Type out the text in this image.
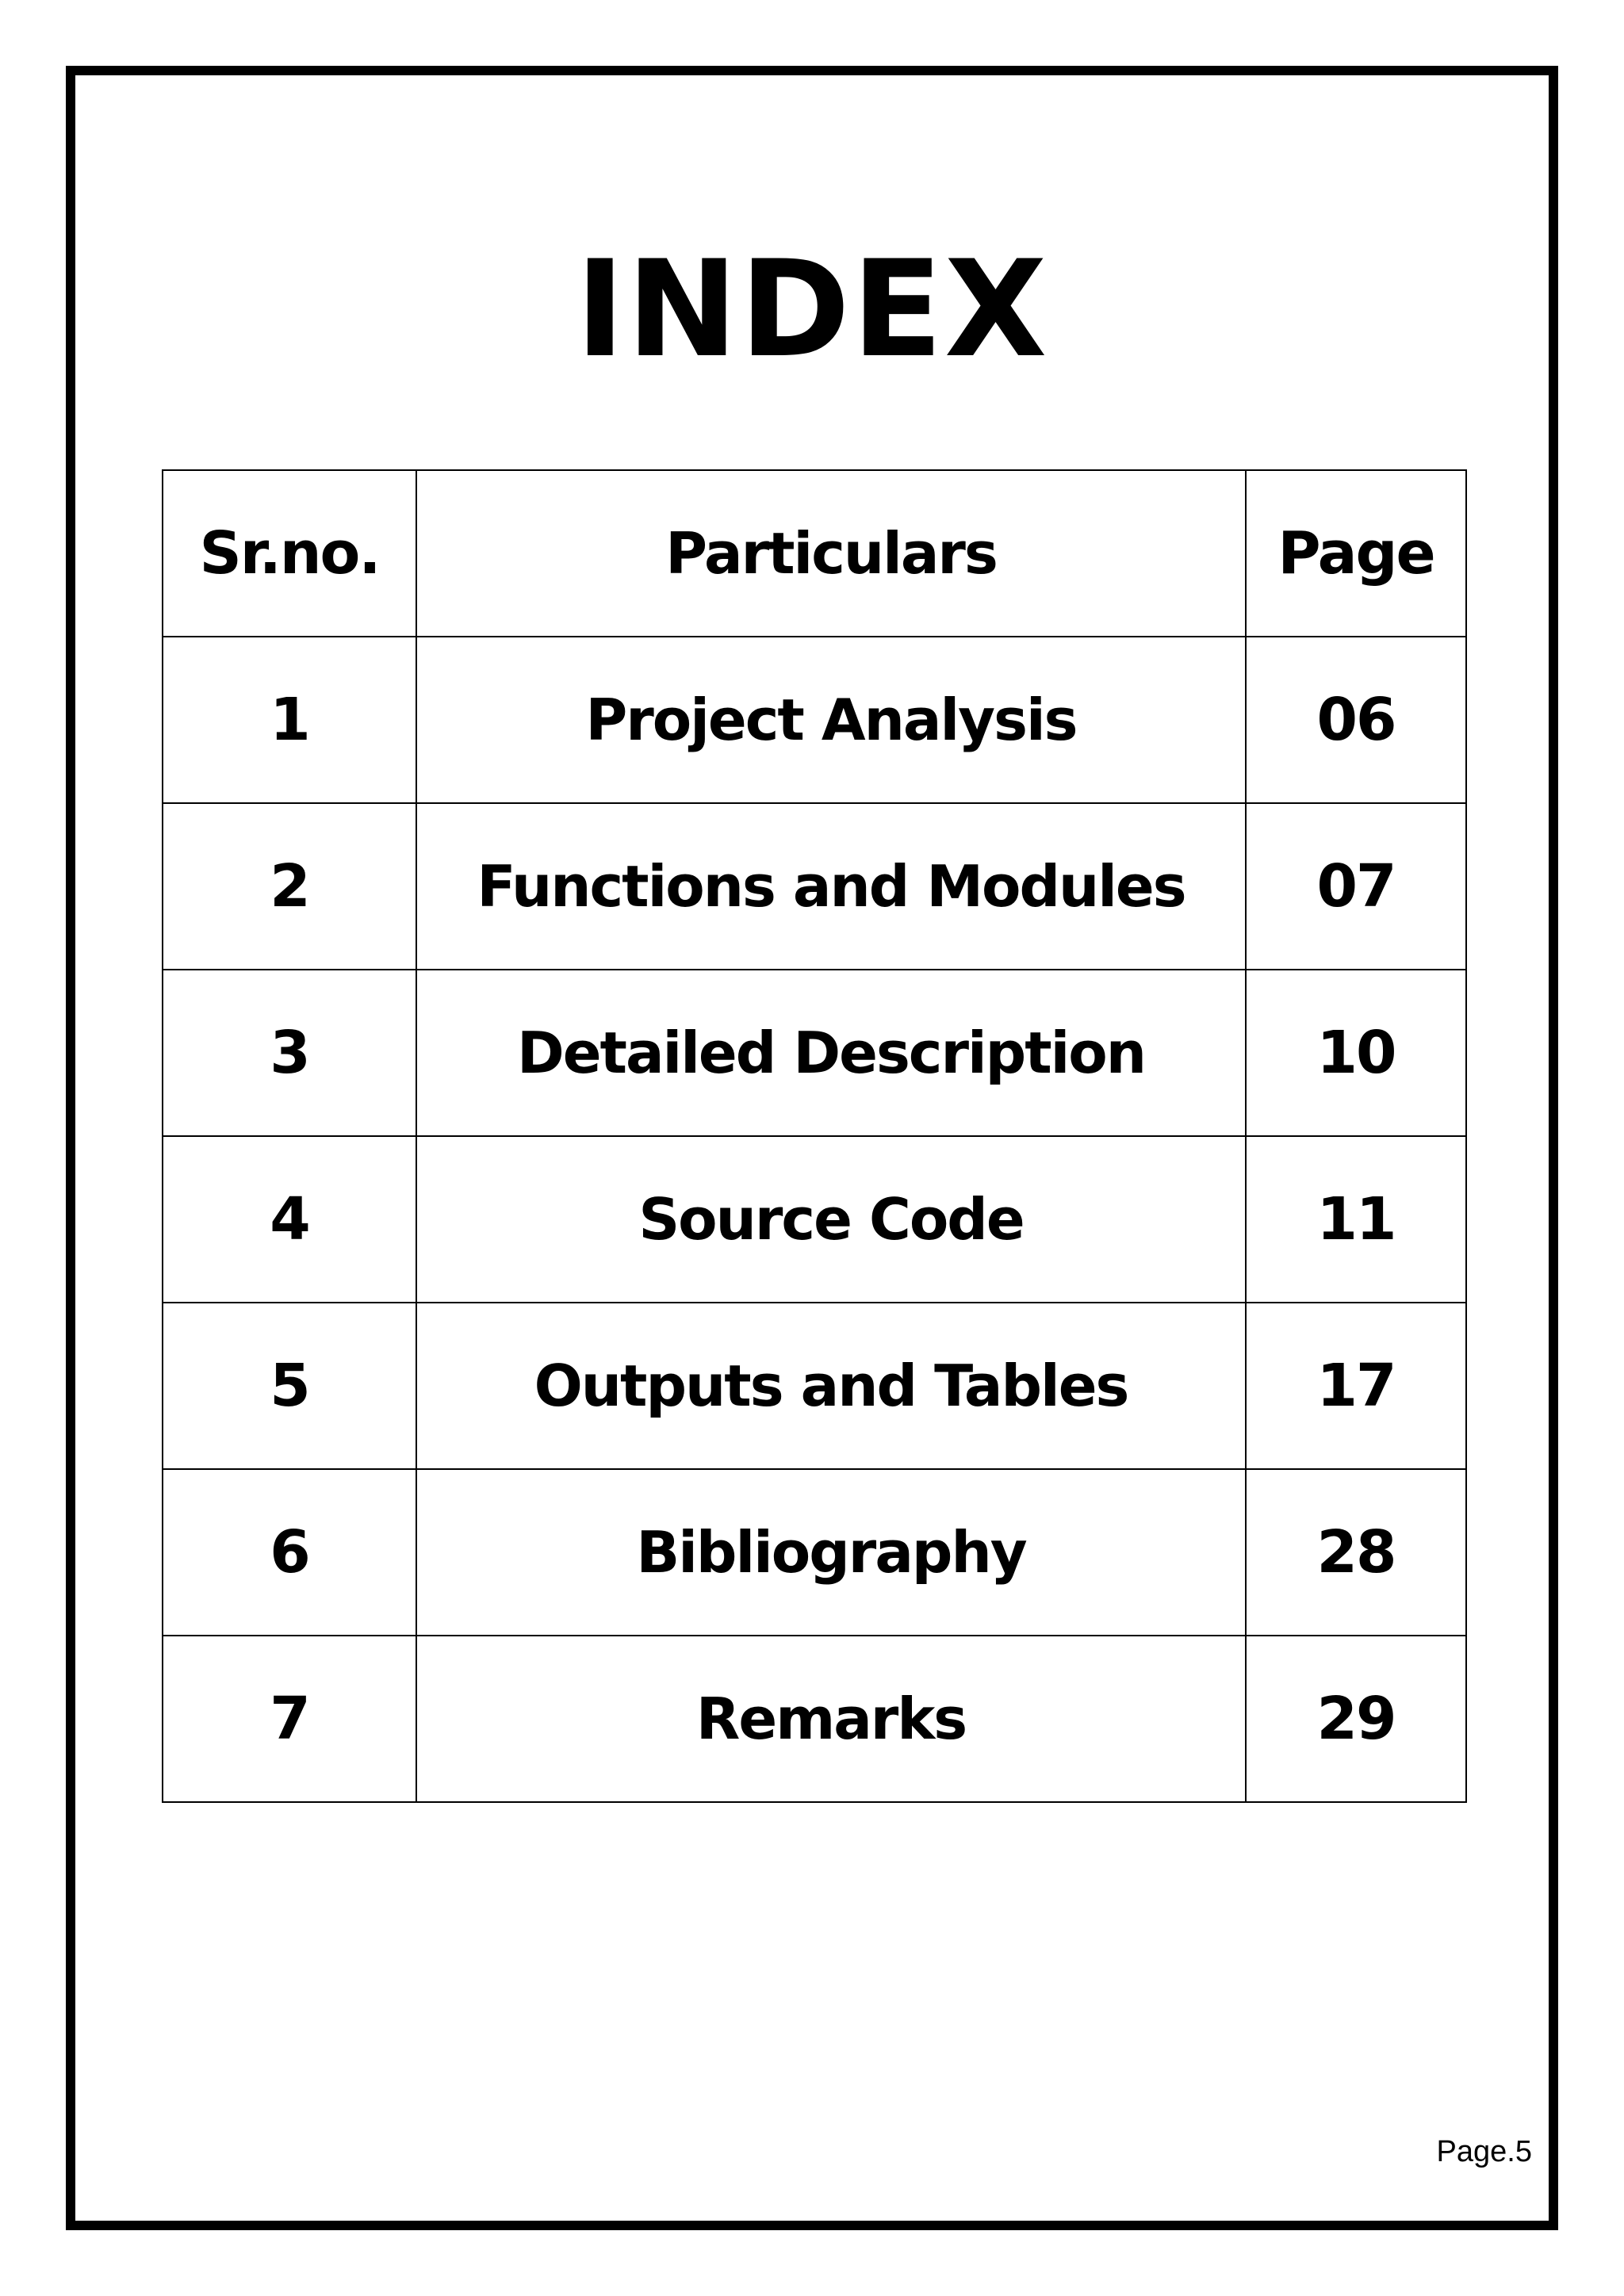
INDEX
Sr.no.	Particulars	Page
1	Project Analysis	06
2	Functions and Modules	07
3	Detailed Description	10
4	Source Code	11
5	Outputs and Tables	17
6	Bibliography	28
7	Remarks	29
Page.5
